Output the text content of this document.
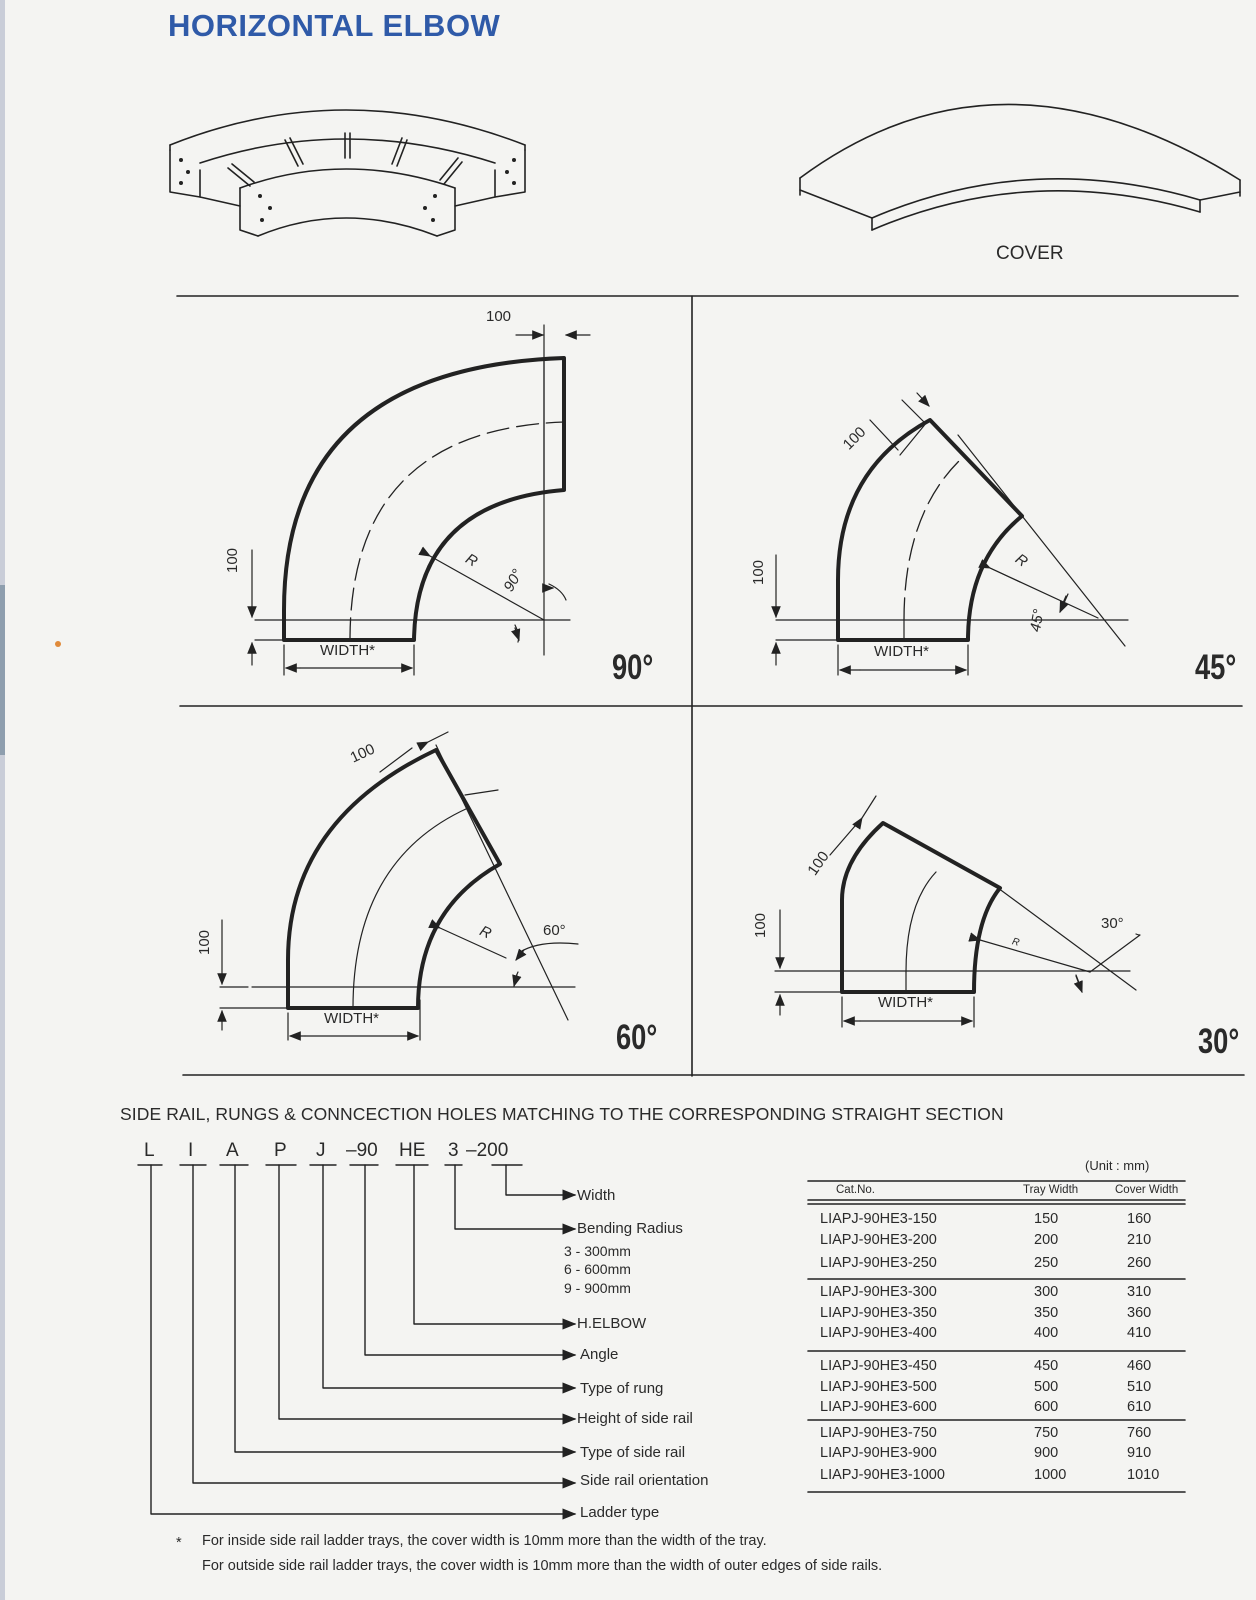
HORIZONTAL ELBOW
COVER
100
100
WIDTH*
R
90°
90°
100
100
WIDTH*
R
45°
45°
100
100
WIDTH*
R	60°
60°
100
100
WIDTH*
R
30°
30°
SIDE RAIL, RUNGS & CONNCECTION HOLES MATCHING TO THE CORRESPONDING STRAIGHT SECTION
L I A P J –90 HE 3 –200
Width
Bending Radius
3 - 300mm
6 - 600mm
9 - 900mm
H.ELBOW
Angle
Type of rung
Height of side rail
Type of side rail
Side rail orientation
Ladder type
(Unit : mm)
Cat.No.	Tray Width	Cover Width
LIAPJ-90HE3-150	150	160
LIAPJ-90HE3-200	200	210
LIAPJ-90HE3-250	250	260
LIAPJ-90HE3-300	300	310
LIAPJ-90HE3-350	350	360
LIAPJ-90HE3-400	400	410
LIAPJ-90HE3-450	450	460
LIAPJ-90HE3-500	500	510
LIAPJ-90HE3-600	600	610
LIAPJ-90HE3-750	750	760
LIAPJ-90HE3-900	900	910
LIAPJ-90HE3-1000	1000	1010
* For inside side rail ladder trays, the cover width is 10mm more than the width of the tray.
For outside side rail ladder trays, the cover width is 10mm more than the width of outer edges of side rails.
